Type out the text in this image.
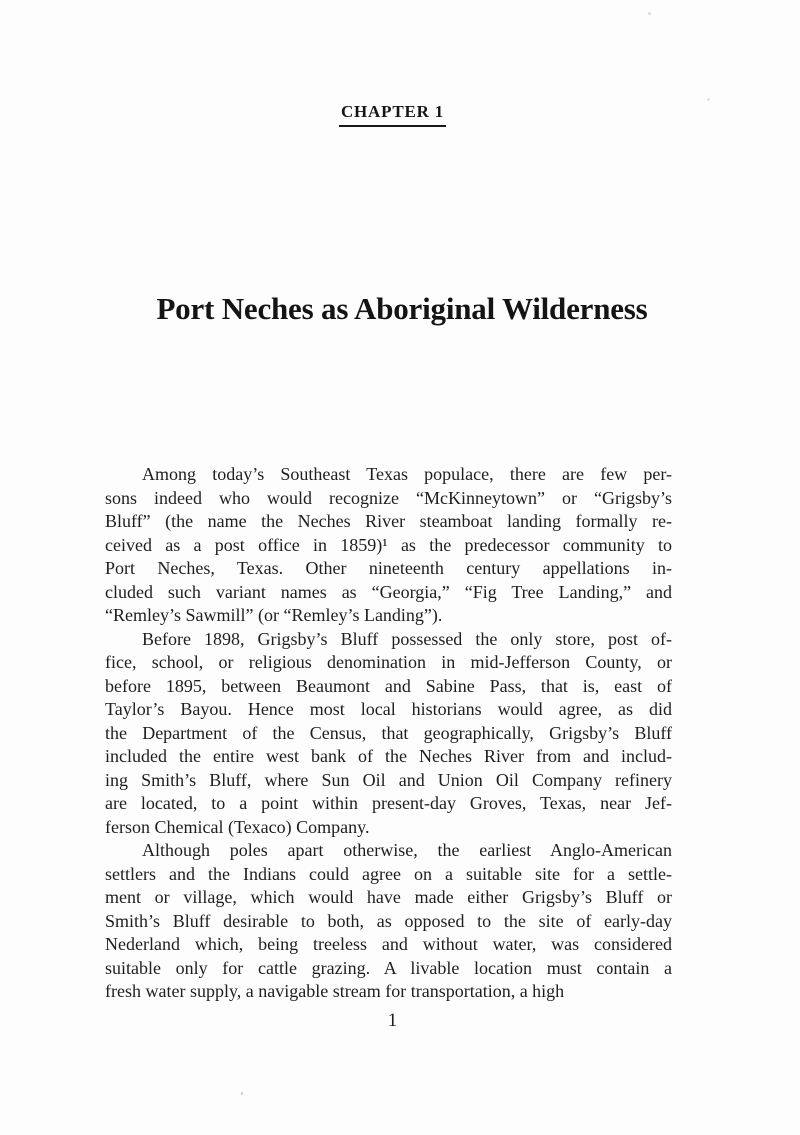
CHAPTER 1
Port Neches as Aboriginal Wilderness
Among today’s Southeast Texas populace, there are few per-
sons indeed who would recognize “McKinneytown” or “Grigsby’s
Bluff” (the name the Neches River steamboat landing formally re-
ceived as a post office in 1859)¹ as the predecessor community to
Port Neches, Texas. Other nineteenth century appellations in-
cluded such variant names as “Georgia,” “Fig Tree Landing,” and
“Remley’s Sawmill” (or “Remley’s Landing”).
Before 1898, Grigsby’s Bluff possessed the only store, post of-
fice, school, or religious denomination in mid-Jefferson County, or
before 1895, between Beaumont and Sabine Pass, that is, east of
Taylor’s Bayou. Hence most local historians would agree, as did
the Department of the Census, that geographically, Grigsby’s Bluff
included the entire west bank of the Neches River from and includ-
ing Smith’s Bluff, where Sun Oil and Union Oil Company refinery
are located, to a point within present-day Groves, Texas, near Jef-
ferson Chemical (Texaco) Company.
Although poles apart otherwise, the earliest Anglo-American
settlers and the Indians could agree on a suitable site for a settle-
ment or village, which would have made either Grigsby’s Bluff or
Smith’s Bluff desirable to both, as opposed to the site of early-day
Nederland which, being treeless and without water, was considered
suitable only for cattle grazing. A livable location must contain a
fresh water supply, a navigable stream for transportation, a high
1
